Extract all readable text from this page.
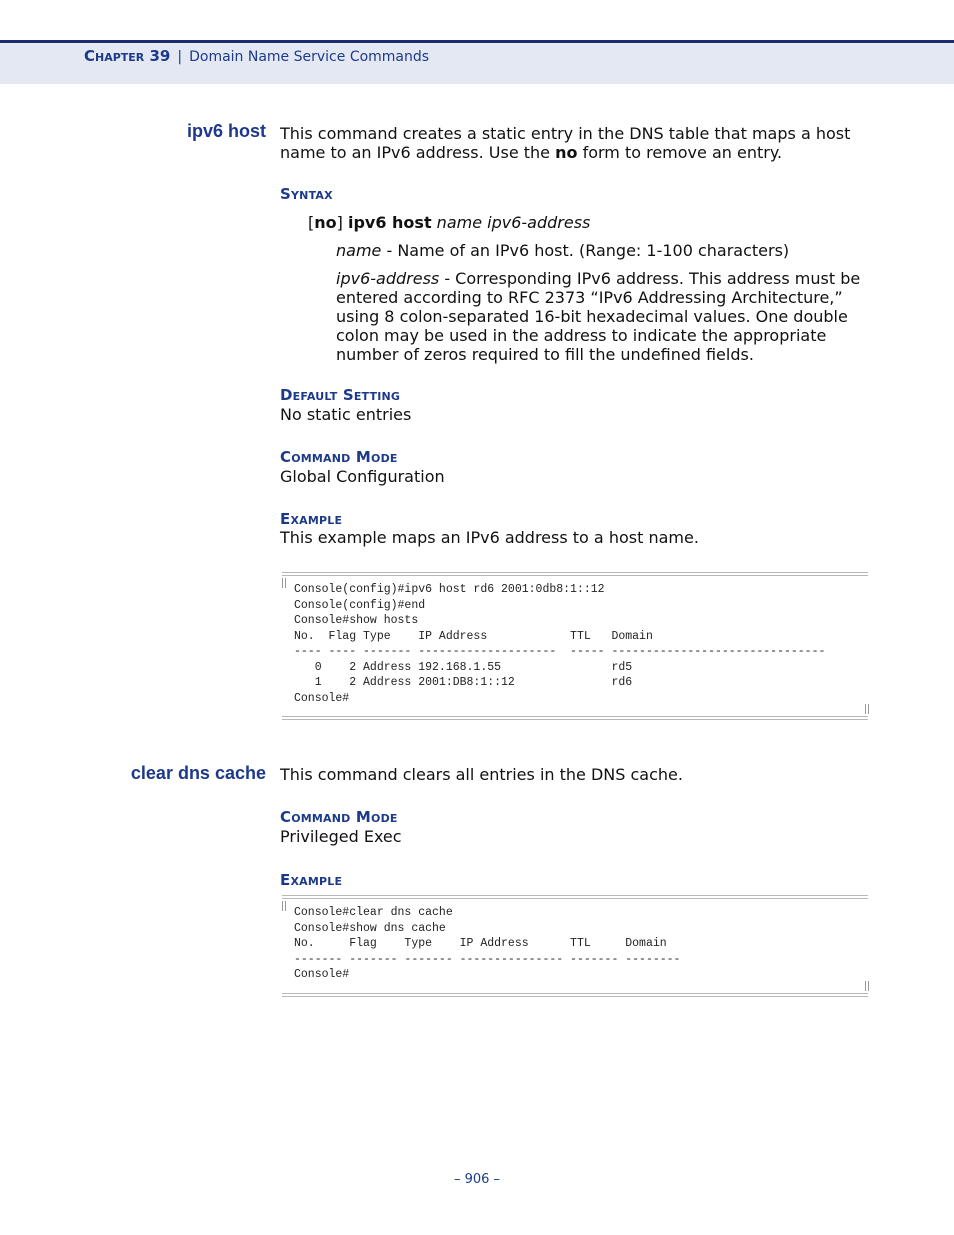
Chapter 39 | Domain Name Service Commands
ipv6 host This command creates a static entry in the DNS table that maps a host name to an IPv6 address. Use the no form to remove an entry.

Syntax
[no] ipv6 host name ipv6-address

name - Name of an IPv6 host. (Range: 1-100 characters)

ipv6-address - Corresponding IPv6 address. This address must be entered according to RFC 2373 “IPv6 Addressing Architecture,” using 8 colon-separated 16-bit hexadecimal values. One double colon may be used in the address to indicate the appropriate number of zeros required to fill the undefined fields.

Default Setting

No static entries

Command Mode

Global Configuration

Example

This example maps an IPv6 address to a host name.

Console(config)#ipv6 host rd6 2001:0db8:1::12
Console(config)#end
Console#show hosts
No.  Flag Type    IP Address            TTL   Domain
---- ---- ------- --------------------  ----- -------------------------------
0    2 Address 192.168.1.55                rd5
1    2 Address 2001:DB8:1::12              rd6
Console#
clear dns cache This command clears all entries in the DNS cache.

Command Mode

Privileged Exec

Example
Console#clear dns cache
Console#show dns cache
No.     Flag    Type    IP Address      TTL     Domain
------- ------- ------- --------------- ------- --------
Console#
– 906 –
